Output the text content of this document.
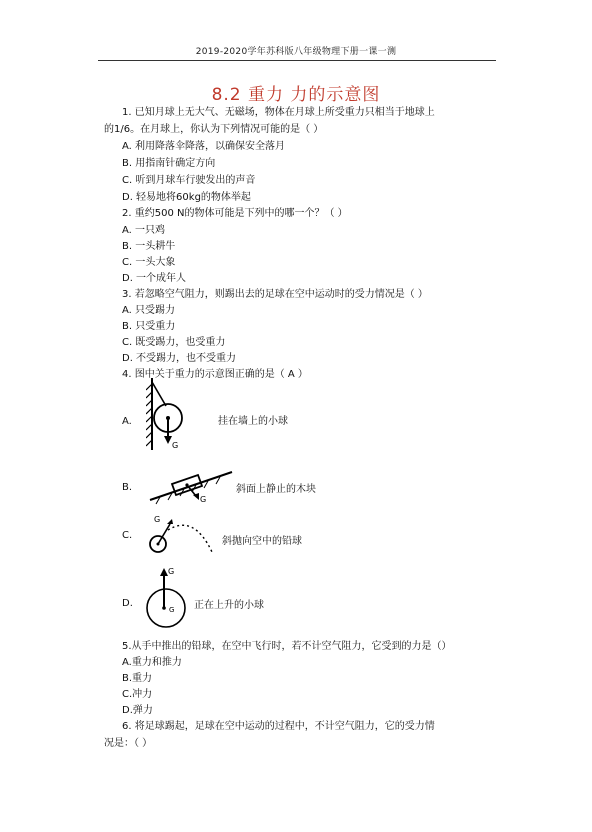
2019-2020学年苏科版八年级物理下册一课一测
8.2 重力 力的示意图
1. 已知月球上无大气、无磁场，物体在月球上所受重力只相当于地球上
的1/6。在月球上，你认为下列情况可能的是（ ）
A. 利用降落伞降落，以确保安全落月
B. 用指南针确定方向
C. 听到月球车行驶发出的声音
D. 轻易地将60kg的物体举起
2. 重约500 N的物体可能是下列中的哪一个？（ ）
A. 一只鸡
B. 一头耕牛
C. 一头大象
D. 一个成年人
3. 若忽略空气阻力，则踢出去的足球在空中运动时的受力情况是（ ）
A. 只受踢力
B. 只受重力
C. 既受踢力，也受重力
D. 不受踢力，也不受重力
4. 图中关于重力的示意图正确的是（ A ）
A.
G
挂在墙上的小球
B.
G
斜面上静止的木块
C.
G
斜抛向空中的铅球
D.
G
G 正在上升的小球
5.从手中推出的铅球，在空中飞行时，若不计空气阻力，它受到的力是（）
A.重力和推力
B.重力
C.冲力
D.弹力
6. 将足球踢起，足球在空中运动的过程中，不计空气阻力，它的受力情
况是：（ ）
